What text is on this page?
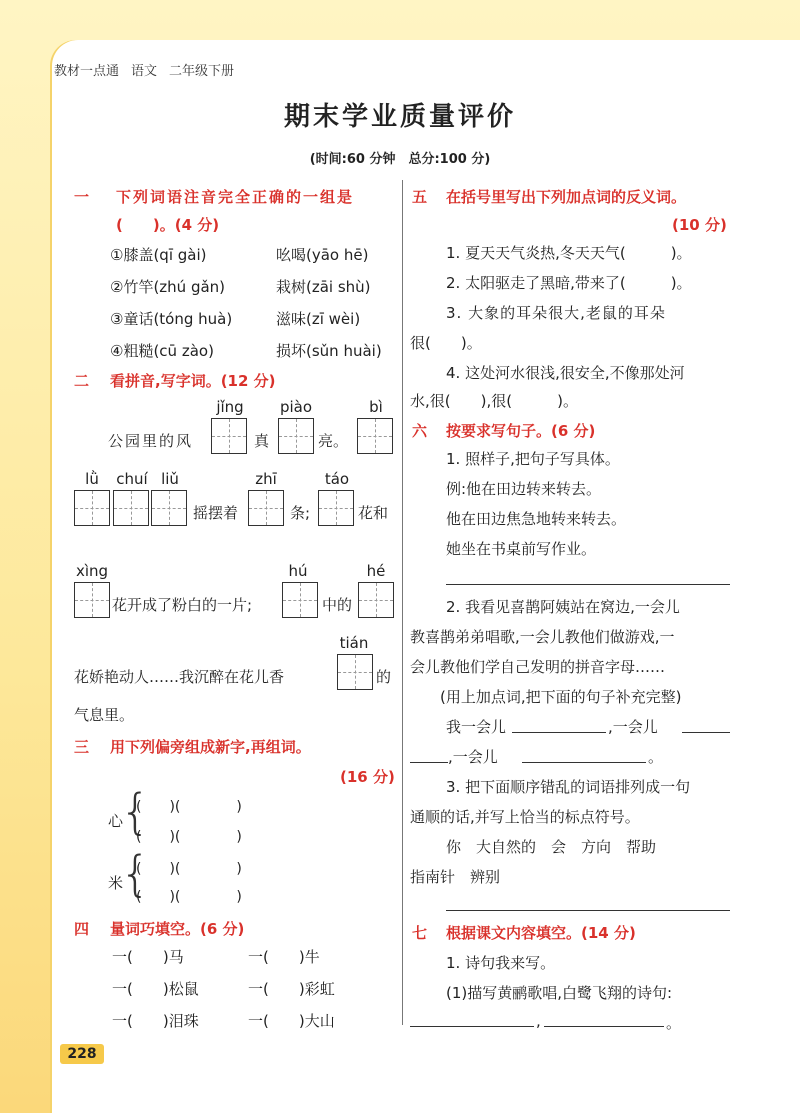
教材一点通 语文 二年级下册
期末学业质量评价
(时间:60 分钟　总分:100 分)
一 下列词语注音完全正确的一组是
(　　)。(4 分)
①膝盖(qī gài)	吆喝(yāo hē)
②竹竿(zhú gǎn)	栽树(zāi shù)
③童话(tóng huà)	滋味(zī wèi)
④粗糙(cū zào)	损坏(sǔn huài)
二 看拼音,写字词。(12 分)
jǐng	piào	bì
公园里的风	真	亮。
lǜ	chuí liǔ	zhī	táo
摇摆着	条;	花和
xìng	hú	hé
花开成了粉白的一片;	中的
tián
花娇艳动人……我沉醉在花儿香	的
气息里。
三 用下列偏旁组成新字,再组词。
(16 分)
心
{
(　　)(　　　　)
(　　)(　　　　)
米
{
(　　)(　　　　)
(　　)(　　　　)
四 量词巧填空。(6 分)
一(　　)马	一(　　)牛
一(　　)松鼠	一(　　)彩虹
一(　　)泪珠	一(　　)大山
五 在括号里写出下列加点词的反义词。
(10 分)
1. 夏天天气炎热,冬天天气(　　　)。
2. 太阳驱走了黑暗,带来了(　　　)。
3. 大象的耳朵很大,老鼠的耳朵
很(　　)。
4. 这处河水很浅,很安全,不像那处河
水,很(　　),很(　　　)。
六 按要求写句子。(6 分)
1. 照样子,把句子写具体。
例:他在田边转来转去。
他在田边焦急地转来转去。
她坐在书桌前写作业。
2. 我看见喜鹊阿姨站在窝边,一会儿
教喜鹊弟弟唱歌,一会儿教他们做游戏,一
会儿教他们学自己发明的拼音字母……
(用上加点词,把下面的句子补充完整)
我一会儿	,一会儿
,一会儿	。
3. 把下面顺序错乱的词语排列成一句
通顺的话,并写上恰当的标点符号。
你　大自然的　会　方向　帮助
指南针　辨别
七 根据课文内容填空。(14 分)
1. 诗句我来写。
(1)描写黄鹂歌唱,白鹭飞翔的诗句:
,	。
228
